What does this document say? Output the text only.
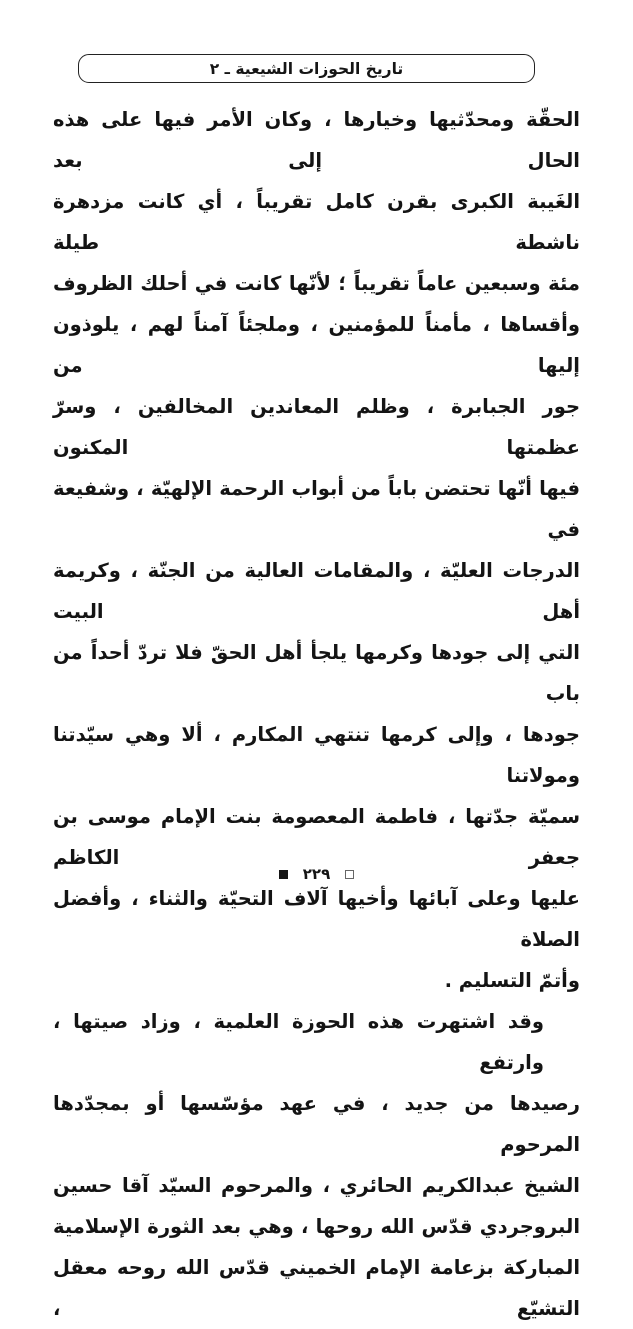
تاريخ الحوزات الشيعية ـ ٢

الحقّة ومحدّثيها وخيارها ، وكان الأمر فيها على هذه الحال إلى بعد

الغَيبة الكبرى بقرن كامل تقريباً ، أي كانت مزدهرة ناشطة طيلة

مئة وسبعين عاماً تقريباً ؛ لأنّها كانت في أحلك الظروف

وأقساها ، مأمناً للمؤمنين ، وملجئاً آمناً لهم ، يلوذون إليها من

جور الجبابرة ، وظلم المعاندين المخالفين ، وسرّ عظمتها المكنون

فيها أنّها تحتضن باباً من أبواب الرحمة الإلهيّة ، وشفيعة في

الدرجات العليّة ، والمقامات العالية من الجنّة ، وكريمة أهل البيت

التي إلى جودها وكرمها يلجأ أهل الحقّ فلا تردّ أحداً من باب

جودها ، وإلى كرمها تنتهي المكارم ، ألا وهي سيّدتنا ومولاتنا

سميّة جدّتها ، فاطمة المعصومة بنت الإمام موسى بن جعفر الكاظم

عليها وعلى آبائها وأخيها آلاف التحيّة والثناء ، وأفضل الصلاة

وأتمّ التسليم .

وقد اشتهرت هذه الحوزة العلمية ، وزاد صيتها ، وارتفع

رصيدها من جديد ، في عهد مؤسّسها أو بمجدّدها المرحوم

الشيخ عبدالكريم الحائري ، والمرحوم السيّد آقا حسين

البروجردي قدّس الله روحها ، وهي بعد الثورة الإسلامية

المباركة بزعامة الإمام الخميني قدّس الله روحه معقل التشيّع ،

٢٢٩
